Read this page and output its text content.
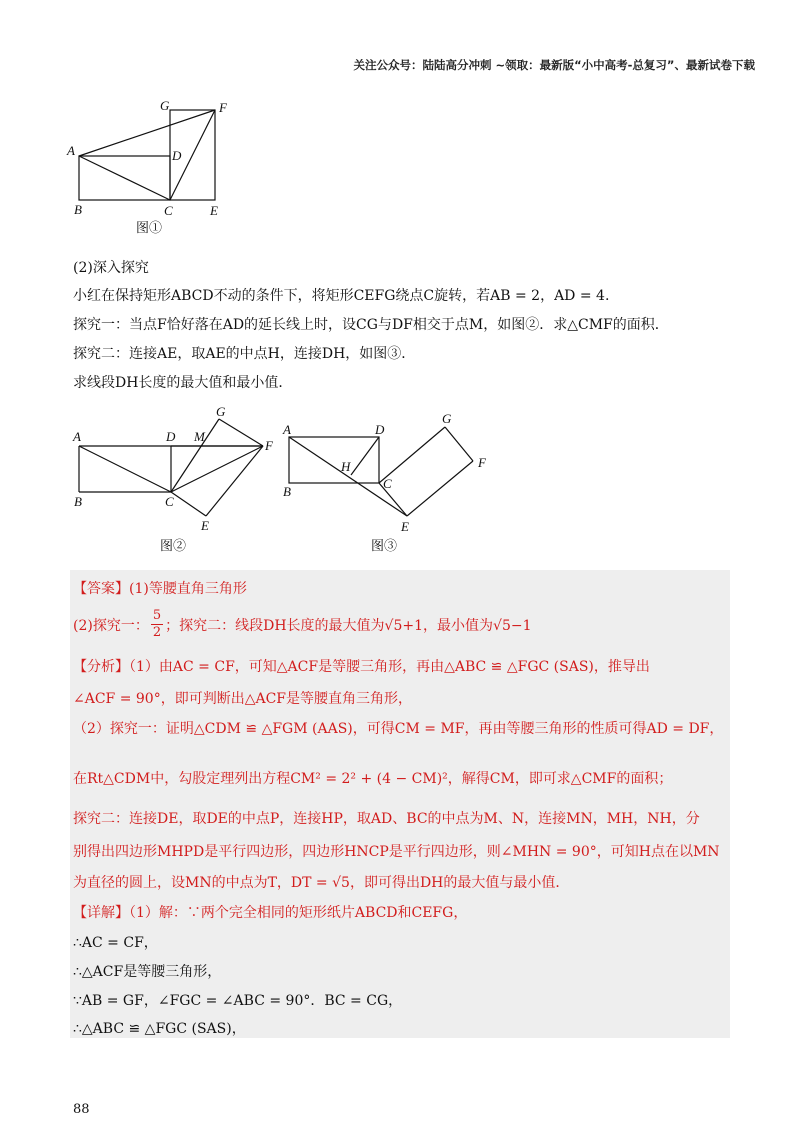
关注公众号：陆陆高分冲刺 ~领取：最新版“小中高考-总复习”、最新试卷下载
A
B	C
D
E
F
G
图①
(2)深入探究
小红在保持矩形ABCD不动的条件下，将矩形CEFG绕点C旋转，若AB = 2，AD = 4.
探究一：当点F恰好落在AD的延长线上时，设CG与DF相交于点M，如图②．求△CMF的面积．
探究二：连接AE，取AE的中点H，连接DH，如图③．
求线段DH长度的最大值和最小值．
A
B	C
D M
G
F
E
图②
A
B
C
D
H
G
F
E
图③
【答案】(1)等腰直角三角形
(2)探究一： $\frac{5}{2}$ ；探究二：线段DH长度的最大值为√5+1，最小值为√5−1
【分析】（1）由AC = CF，可知△ACF是等腰三角形，再由△ABC ≌ △FGC (SAS)，推导出
∠ACF = 90°，即可判断出△ACF是等腰直角三角形，
（2）探究一：证明△CDM ≌ △FGM (AAS)，可得CM = MF，再由等腰三角形的性质可得AD = DF，
在Rt△CDM中，勾股定理列出方程CM² = 2² + (4 − CM)²，解得CM，即可求△CMF的面积；
探究二：连接DE，取DE的中点P，连接HP，取AD、BC的中点为M、N，连接MN，MH，NH，分
别得出四边形MHPD是平行四边形，四边形HNCP是平行四边形，则∠MHN = 90°，可知H点在以MN
为直径的圆上，设MN的中点为T，DT = √5，即可得出DH的最大值与最小值．
【详解】（1）解：∵两个完全相同的矩形纸片ABCD和CEFG，
∴AC = CF，
∴△ACF是等腰三角形，
∵AB = GF，∠FGC = ∠ABC = 90°．BC = CG，
∴△ABC ≌ △FGC (SAS)，
88
